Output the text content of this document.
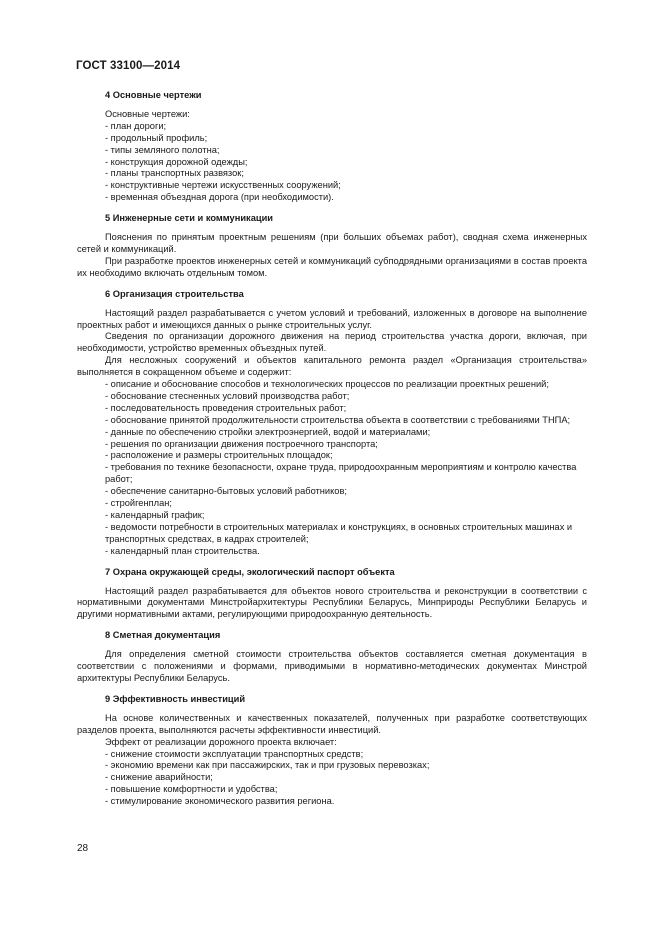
ГОСТ 33100—2014
4 Основные чертежи

Основные чертежи:

- план дороги;
- продольный профиль;
- типы земляного полотна;
- конструкция дорожной одежды;
- планы транспортных развязок;
- конструктивные чертежи искусственных сооружений;
- временная объездная дорога (при необходимости).
5 Инженерные сети и коммуникации

Пояснения по принятым проектным решениям (при больших объемах работ), сводная схема инженерных сетей и коммуникаций.

При разработке проектов инженерных сетей и коммуникаций субподрядными организациями в состав проекта их необходимо включать отдельным томом.

6 Организация строительства

Настоящий раздел разрабатывается с учетом условий и требований, изложенных в договоре на выполнение проектных работ и имеющихся данных о рынке строительных услуг.

Сведения по организации дорожного движения на период строительства участка дороги, включая, при необходимости, устройство временных объездных путей.

Для несложных сооружений и объектов капитального ремонта раздел «Организация строительства» выполняется в сокращенном объеме и содержит:

- описание и обоснование способов и технологических процессов по реализации проектных решений;
- обоснование стесненных условий производства работ;
- последовательность проведения строительных работ;
- обоснование принятой продолжительности строительства объекта в соответствии с требованиями ТНПА;
- данные по обеспечению стройки электроэнергией, водой и материалами;
- решения по организации движения построечного транспорта;
- расположение и размеры строительных площадок;
- требования по технике безопасности, охране труда, природоохранным мероприятиям и контролю качества работ;
- обеспечение санитарно-бытовых условий работников;
- стройгенплан;
- календарный график;
- ведомости потребности в строительных материалах и конструкциях, в основных строительных машинах и транспортных средствах, в кадрах строителей;
- календарный план строительства.
7 Охрана окружающей среды, экологический паспорт объекта

Настоящий раздел разрабатывается для объектов нового строительства и реконструкции в соответствии с нормативными документами Минстройархитектуры Республики Беларусь, Минприроды Республики Беларусь и другими нормативными актами, регулирующими природоохранную деятельность.

8 Сметная документация

Для определения сметной стоимости строительства объектов составляется сметная документация в соответствии с положениями и формами, приводимыми в нормативно-методических документах Минстрой архитектуры Республики Беларусь.

9 Эффективность инвестиций

На основе количественных и качественных показателей, полученных при разработке соответствующих разделов проекта, выполняются расчеты эффективности инвестиций.

Эффект от реализации дорожного проекта включает:

- снижение стоимости эксплуатации транспортных средств;
- экономию времени как при пассажирских, так и при грузовых перевозках;
- снижение аварийности;
- повышение комфортности и удобства;
- стимулирование экономического развития региона.
28
